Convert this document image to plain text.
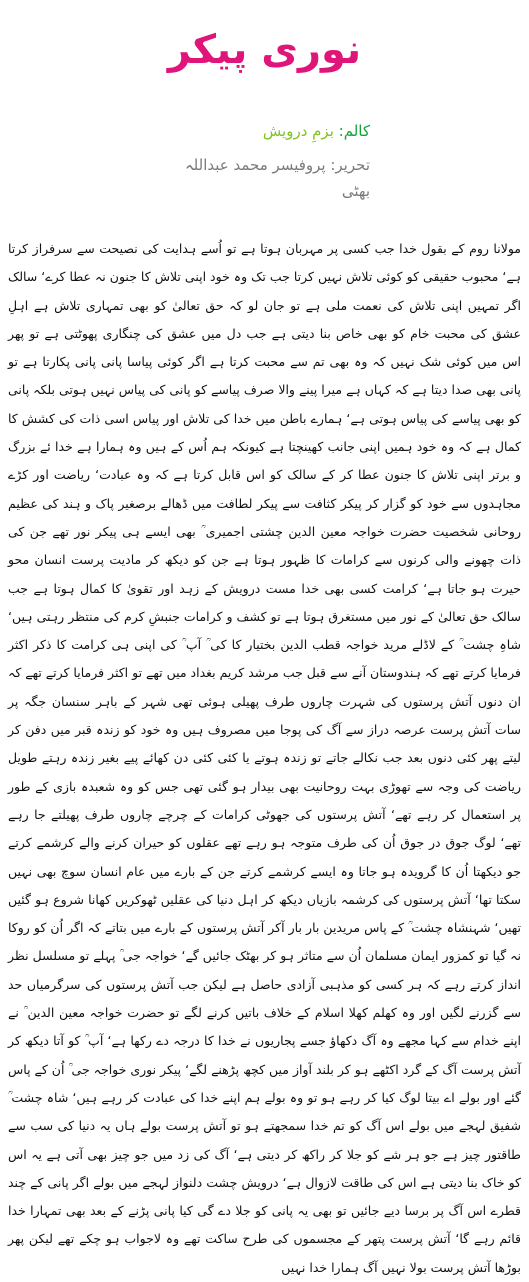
نوری پیکر
کالم: بزمِ درویش
تحریر: پروفیسر محمد عبداللہ بھٹی
مولانا روم کے بقول خدا جب کسی پر مہربان ہوتا ہے تو اُسے ہدایت کی نصیحت سے سرفراز کرتا ہے‘ محبوب حقیقی کو کوئی تلاش نہیں کرتا جب تک وہ خود اپنی تلاش کا جنون نہ عطا کرے‘ سالک اگر تمہیں اپنی تلاش کی نعمت ملی ہے تو جان لو کہ حق تعالیٰ کو بھی تمہاری تلاش ہے اہلِ عشق کی محبت خام کو بھی خاص بنا دیتی ہے جب دل میں عشق کی چنگاری پھوٹتی ہے تو پھر اس میں کوئی شک نہیں کہ وہ بھی تم سے محبت کرتا ہے اگر کوئی پیاسا پانی پانی پکارتا ہے تو پانی بھی صدا دیتا ہے کہ کہاں ہے میرا پینے والا صرف پیاسے کو پانی کی پیاس نہیں ہوتی بلکہ پانی کو بھی پیاسے کی پیاس ہوتی ہے‘ ہمارے باطن میں خدا کی تلاش اور پیاس اسی ذات کی کشش کا کمال ہے کہ وہ خود ہمیں اپنی جانب کھینچتا ہے کیونکہ ہم اُس کے ہیں وہ ہمارا ہے خدا ئے بزرگ و برتر اپنی تلاش کا جنون عطا کر کے سالک کو اس قابل کرتا ہے کہ وہ عبادت‘ ریاضت اور کڑے مجاہدوں سے خود کو گزار کر پیکر کثافت سے پیکر لطافت میں ڈھالے برصغیر پاک و ہند کی عظیم روحانی شخصیت حضرت خواجہ معین الدین چشتی اجمیری ؒ بھی ایسے ہی پیکر نور تھے جن کی ذات چھونے والی کرنوں سے کرامات کا ظہور ہوتا ہے جن کو دیکھ کر مادیت پرست انسان محو حیرت ہو جاتا ہے‘ کرامت کسی بھی خدا مست درویش کے زہد اور تقویٰ کا کمال ہوتا ہے جب سالک حق تعالیٰ کے نور میں مستغرق ہوتا ہے تو کشف و کرامات جنبشِ کرم کی منتظر رہتی ہیں‘ شاہِ چشت ؒ کے لاڈلے مرید خواجہ قطب الدین بختیار کا کی ؒ آپ ؒ کی اپنی ہی کرامت کا ذکر اکثر فرمایا کرتے تھے کہ ہندوستان آنے سے قبل جب مرشد کریم بغداد میں تھے تو اکثر فرمایا کرتے تھے کہ ان دنوں آتش پرستوں کی شہرت چاروں طرف پھیلی ہوئی تھی شہر کے باہر سنسان جگہ پر سات آتش پرست عرصہ دراز سے آگ کی پوجا میں مصروف ہیں وہ خود کو زندہ قبر میں دفن کر لیتے پھر کئی دنوں بعد جب نکالے جاتے تو زندہ ہوتے یا کئی کئی دن کھائے پیے بغیر زندہ رہتے طویل ریاضت کی وجہ سے تھوڑی بہت روحانیت بھی بیدار ہو گئی تھی جس کو وہ شعبدہ بازی کے طور پر استعمال کر رہے تھے‘ آتش پرستوں کی جھوٹی کرامات کے چرچے چاروں طرف پھیلتے جا رہے تھے‘ لوگ جوق در جوق اُن کی طرف متوجہ ہو رہے تھے عقلوں کو حیران کرنے والے کرشمے کرتے جو دیکھتا اُن کا گرویدہ ہو جاتا وہ ایسے کرشمے کرتے جن کے بارے میں عام انسان سوچ بھی نہیں سکتا تھا‘ آتش پرستوں کی کرشمہ بازیاں دیکھ کر اہل دنیا کی عقلیں ٹھوکریں کھانا شروع ہو گئیں تھیں‘ شہنشاہ چشت ؒ کے پاس مریدین بار بار آکر آتش پرستوں کے بارے میں بتاتے کہ اگر اُن کو روکا نہ گیا تو کمزور ایمان مسلمان اُن سے متاثر ہو کر بھٹک جائیں گے‘ خواجہ جی ؒ پہلے تو مسلسل نظر انداز کرتے رہے کہ ہر کسی کو مذہبی آزادی حاصل ہے لیکن جب آتش پرستوں کی سرگرمیاں حد سے گزرنے لگیں اور وہ کھلم کھلا اسلام کے خلاف باتیں کرنے لگے تو حضرت خواجہ معین الدین ؒ نے اپنے خدام سے کہا مجھے وہ آگ دکھاؤ جسے پجاریوں نے خدا کا درجہ دے رکھا ہے‘ آپ ؒ کو آتا دیکھ کر آتش پرست آگ کے گرد اکٹھے ہو کر بلند آواز میں کچھ پڑھنے لگے‘ پیکر نوری خواجہ جی ؒ اُن کے پاس گئے اور بولے اے بیتا لوگ کیا کر رہے ہو تو وہ بولے ہم اپنے خدا کی عبادت کر رہے ہیں‘ شاہ چشت ؒ شفیق لہجے میں بولے اس آگ کو تم خدا سمجھتے ہو تو آتش پرست بولے ہاں یہ دنیا کی سب سے طاقتور چیز ہے جو ہر شے کو جلا کر راکھ کر دیتی ہے‘ آگ کی زد میں جو چیز بھی آتی ہے یہ اس کو خاک بنا دیتی ہے اس کی طاقت لازوال ہے‘ درویش چشت دلنواز لہجے میں بولے اگر پانی کے چند قطرے اس آگ پر برسا دیے جائیں تو بھی یہ پانی کو جلا دے گی کیا پانی پڑنے کے بعد بھی تمہارا خدا قائم رہے گا‘ آتش پرست پتھر کے مجسموں کی طرح ساکت تھے وہ لاجواب ہو چکے تھے لیکن پھر بوڑھا آتش پرست بولا نہیں آگ ہمارا خدا نہیں
